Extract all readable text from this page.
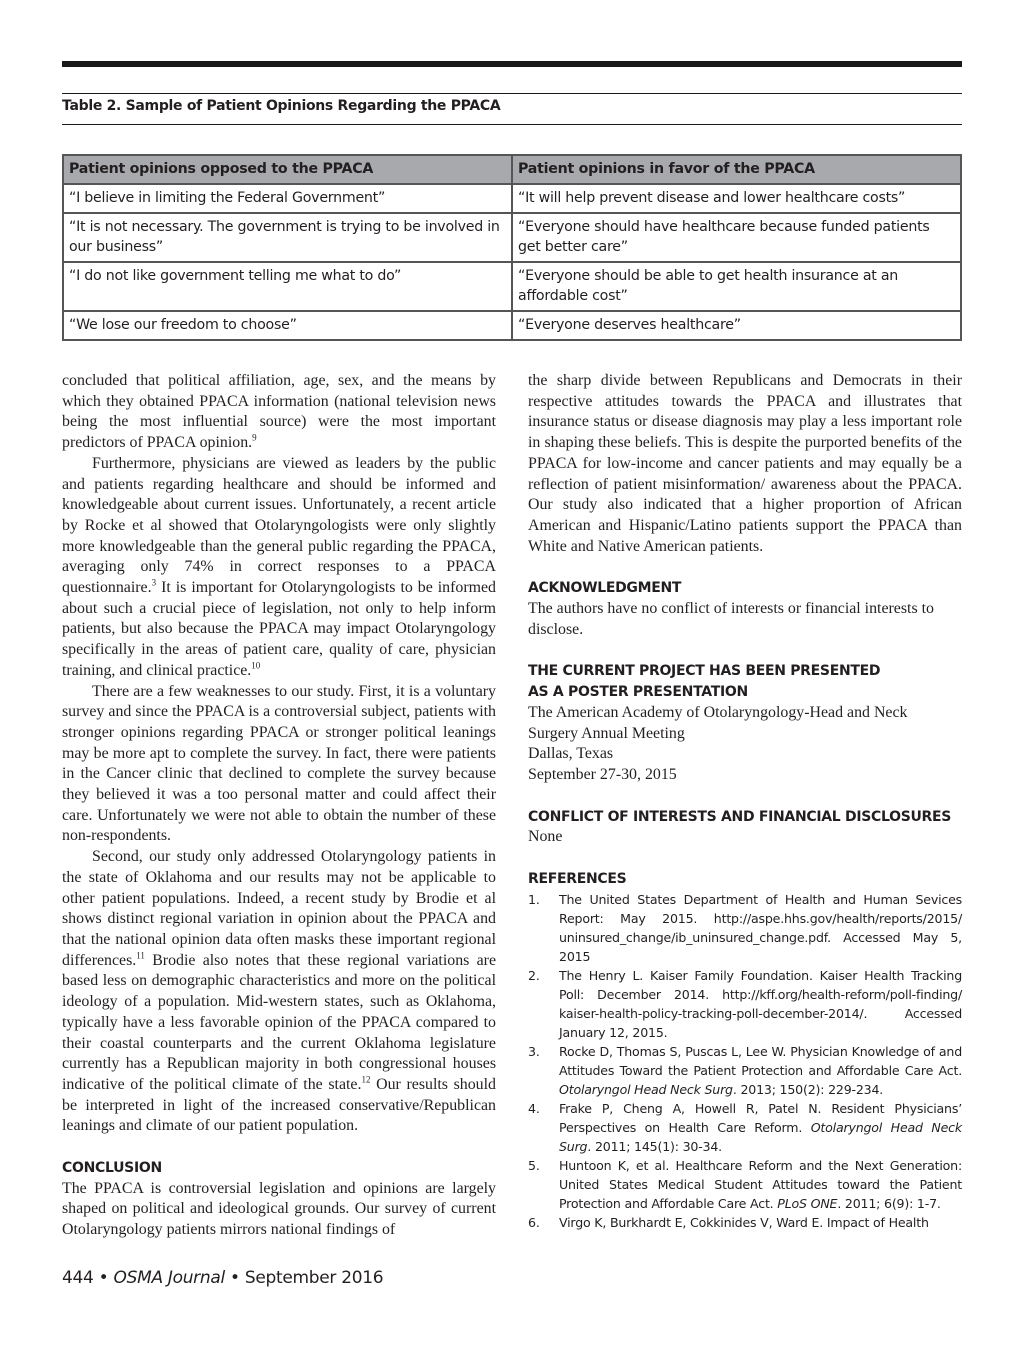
Table 2. Sample of Patient Opinions Regarding the PPACA
Patient opinions opposed to the PPACA	Patient opinions in favor of the PPACA
“I believe in limiting the Federal Government”	“It will help prevent disease and lower healthcare costs”
“It is not necessary. The government is trying to be involved in our business”	“Everyone should have healthcare because funded patients get better care”
“I do not like government telling me what to do”	“Everyone should be able to get health insurance at an affordable cost”
“We lose our freedom to choose”	“Everyone deserves healthcare”

concluded that political affiliation, age, sex, and the means by which they obtained PPACA information (national television news being the most influential source) were the most important predictors of PPACA opinion.$^9$

Furthermore, physicians are viewed as leaders by the public and patients regarding healthcare and should be informed and knowledgeable about current issues. Unfortunately, a recent article by Rocke et al showed that Otolaryngologists were only slightly more knowledgeable than the general public regarding the PPACA, averaging only 74% in correct responses to a PPACA questionnaire.$^3$ It is important for Otolaryngologists to be informed about such a crucial piece of legislation, not only to help inform patients, but also because the PPACA may impact Otolaryngology specifically in the areas of patient care, quality of care, physician training, and clinical practice.$^{10}$

There are a few weaknesses to our study. First, it is a voluntary survey and since the PPACA is a controversial subject, patients with stronger opinions regarding PPACA or stronger political leanings may be more apt to complete the survey. In fact, there were patients in the Cancer clinic that declined to complete the survey because they believed it was a too personal matter and could affect their care. Unfortunately we were not able to obtain the number of these non-respondents.

Second, our study only addressed Otolaryngology patients in the state of Oklahoma and our results may not be applicable to other patient populations. Indeed, a recent study by Brodie et al shows distinct regional variation in opinion about the PPACA and that the national opinion data often masks these important regional differences.$^{11}$ Brodie also notes that these regional variations are based less on demographic characteristics and more on the political ideology of a population. Mid-western states, such as Oklahoma, typically have a less favorable opinion of the PPACA compared to their coastal counterparts and the current Oklahoma legislature currently has a Republican majority in both congressional houses indicative of the political climate of the state.$^{12}$ Our results should be interpreted in light of the increased conservative/Republican leanings and climate of our patient population.

CONCLUSION

The PPACA is controversial legislation and opinions are largely shaped on political and ideological grounds. Our survey of current Otolaryngology patients mirrors national findings of

the sharp divide between Republicans and Democrats in their respective attitudes towards the PPACA and illustrates that insurance status or disease diagnosis may play a less important role in shaping these beliefs. This is despite the purported benefits of the PPACA for low-income and cancer patients and may equally be a reflection of patient misinformation/ awareness about the PPACA. Our study also indicated that a higher proportion of African American and Hispanic/Latino patients support the PPACA than White and Native American patients.

ACKNOWLEDGMENT

The authors have no conflict of interests or financial interests to disclose.

THE CURRENT PROJECT HAS BEEN PRESENTED
AS A POSTER PRESENTATION

The American Academy of Otolaryngology-Head and Neck
Surgery Annual Meeting
Dallas, Texas
September 27-30, 2015

CONFLICT OF INTERESTS AND FINANCIAL DISCLOSURES

None

REFERENCES
1. The United States Department of Health and Human Sevices Report: May 2015. http://aspe.hhs.gov/health/reports/2015/ uninsured_change/ib_uninsured_change.pdf. Accessed May 5, 2015
2. The Henry L. Kaiser Family Foundation. Kaiser Health Tracking Poll: December 2014. http://kff.org/health-reform/poll-finding/ kaiser-health-policy-tracking-poll-december-2014/. Accessed January 12, 2015.
3. Rocke D, Thomas S, Puscas L, Lee W. Physician Knowledge of and Attitudes Toward the Patient Protection and Affordable Care Act. Otolaryngol Head Neck Surg. 2013; 150(2): 229-234.
4. Frake P, Cheng A, Howell R, Patel N. Resident Physicians’ Perspectives on Health Care Reform. Otolaryngol Head Neck Surg. 2011; 145(1): 30-34.
5. Huntoon K, et al. Healthcare Reform and the Next Generation: United States Medical Student Attitudes toward the Patient Protection and Affordable Care Act. PLoS ONE. 2011; 6(9): 1-7.
6. Virgo K, Burkhardt E, Cokkinides V, Ward E. Impact of Health
444 • OSMA Journal • September 2016
